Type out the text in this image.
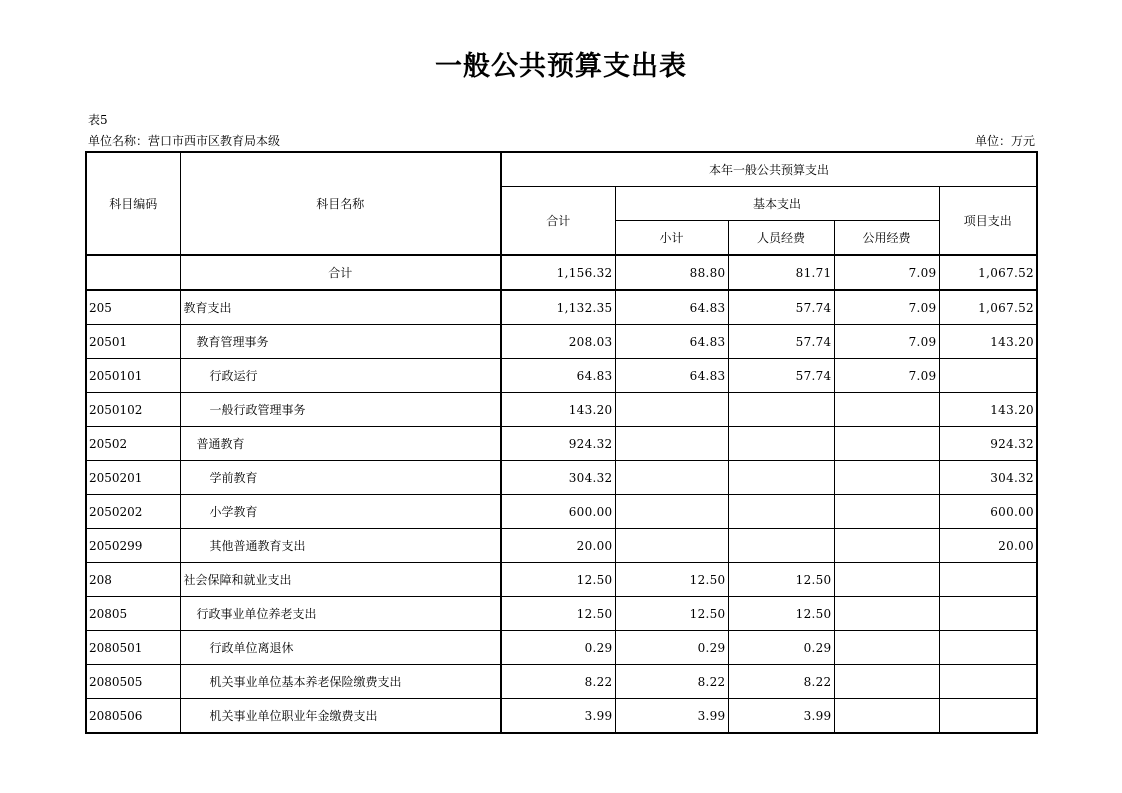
一般公共预算支出表
表5
单位名称：营口市西市区教育局本级	单位：万元
科目编码	科目名称	本年一般公共预算支出				
		合计	基本支出			项目支出
			小计	人员经费	公用经费	
	合计	1,156.32	88.80	81.71	7.09	1,067.52
205	教育支出	1,132.35	64.83	57.74	7.09	1,067.52
20501	教育管理事务	208.03	64.83	57.74	7.09	143.20
2050101	行政运行	64.83	64.83	57.74	7.09	
2050102	一般行政管理事务	143.20				143.20
20502	普通教育	924.32				924.32
2050201	学前教育	304.32				304.32
2050202	小学教育	600.00				600.00
2050299	其他普通教育支出	20.00				20.00
208	社会保障和就业支出	12.50	12.50	12.50		
20805	行政事业单位养老支出	12.50	12.50	12.50		
2080501	行政单位离退休	0.29	0.29	0.29		
2080505	机关事业单位基本养老保险缴费支出	8.22	8.22	8.22		
2080506	机关事业单位职业年金缴费支出	3.99	3.99	3.99		
